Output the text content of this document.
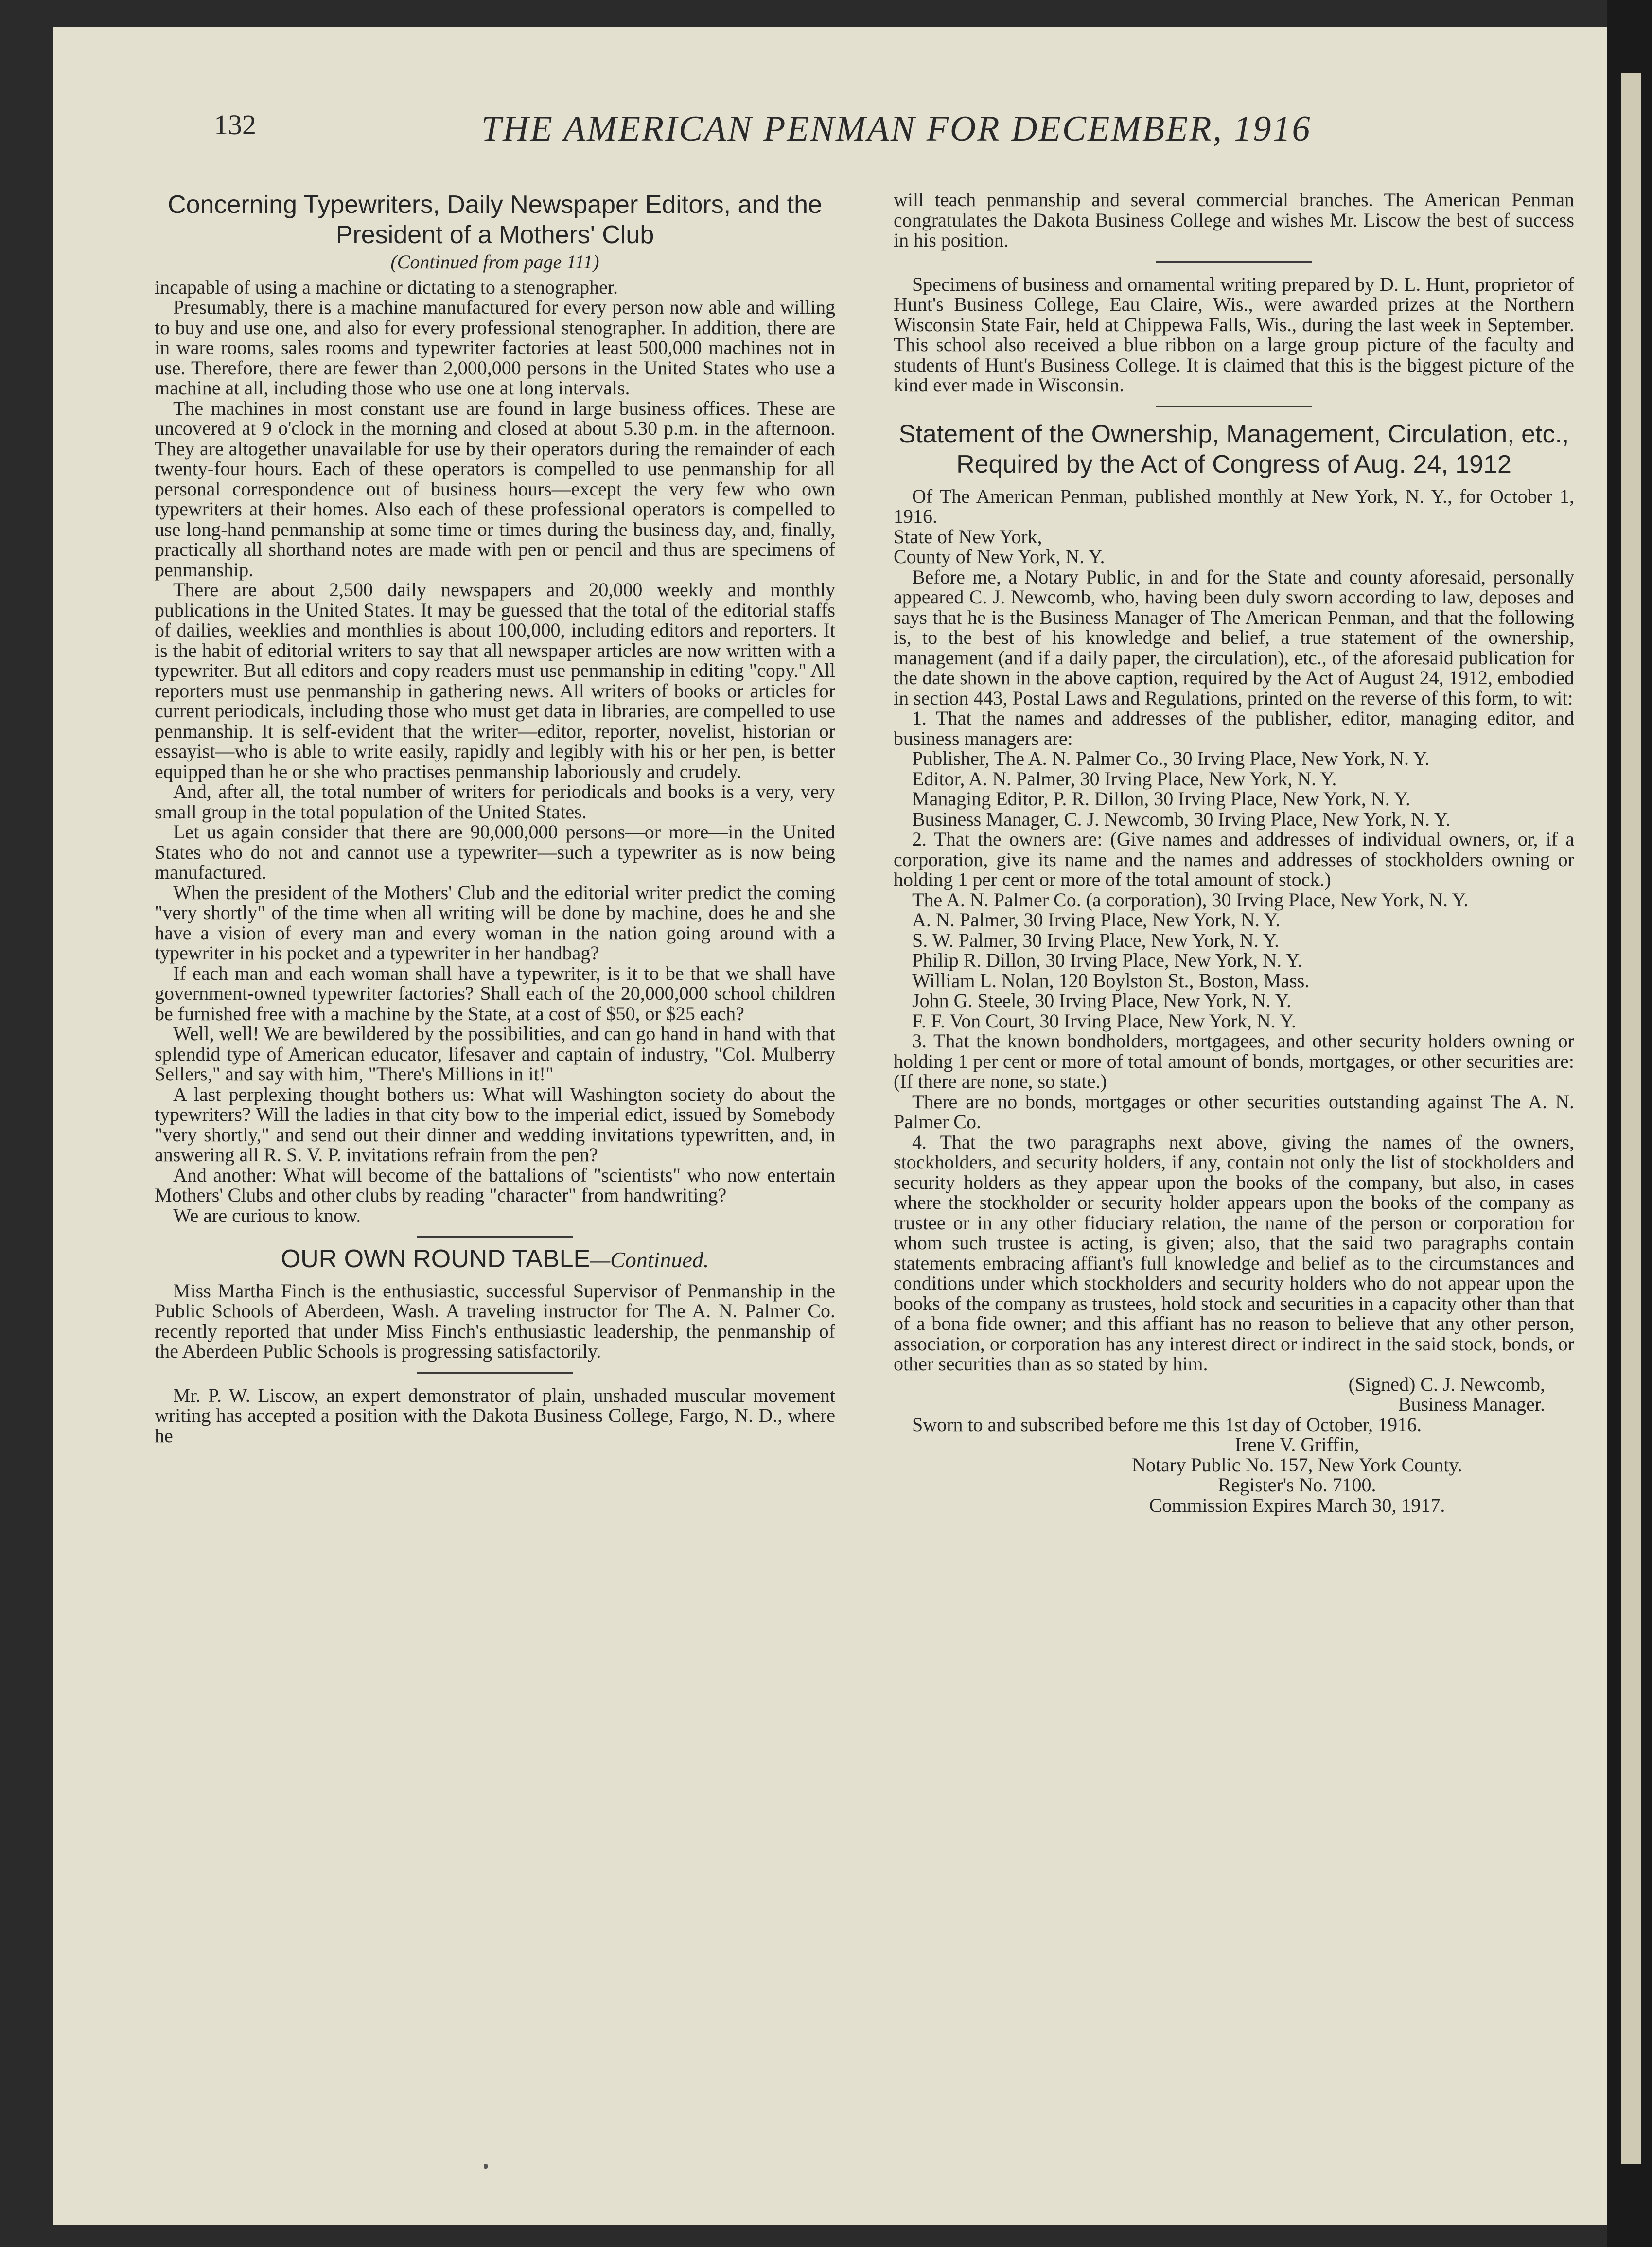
132	THE AMERICAN PENMAN FOR DECEMBER, 1916
Concerning Typewriters, Daily Newspaper Editors, and the President of a Mothers' Club
(Continued from page 111)

incapable of using a machine or dictating to a stenographer.

Presumably, there is a machine manufactured for every person now able and willing to buy and use one, and also for every professional stenographer. In addition, there are in ware rooms, sales rooms and typewriter factories at least 500,000 machines not in use. Therefore, there are fewer than 2,000,000 persons in the United States who use a machine at all, including those who use one at long intervals.

The machines in most constant use are found in large business offices. These are uncovered at 9 o'clock in the morning and closed at about 5.30 p.m. in the afternoon. They are altogether unavailable for use by their operators during the remainder of each twenty-four hours. Each of these operators is compelled to use penmanship for all personal correspondence out of business hours—except the very few who own typewriters at their homes. Also each of these professional operators is compelled to use long-hand penmanship at some time or times during the business day, and, finally, practically all shorthand notes are made with pen or pencil and thus are specimens of penmanship.

There are about 2,500 daily newspapers and 20,000 weekly and monthly publications in the United States. It may be guessed that the total of the editorial staffs of dailies, weeklies and monthlies is about 100,000, including editors and reporters. It is the habit of editorial writers to say that all newspaper articles are now written with a typewriter. But all editors and copy readers must use penmanship in editing "copy." All reporters must use penmanship in gathering news. All writers of books or articles for current periodicals, including those who must get data in libraries, are compelled to use penmanship. It is self-evident that the writer—editor, reporter, novelist, historian or essayist—who is able to write easily, rapidly and legibly with his or her pen, is better equipped than he or she who practises penmanship laboriously and crudely.

And, after all, the total number of writers for periodicals and books is a very, very small group in the total population of the United States.

Let us again consider that there are 90,000,000 persons—or more—in the United States who do not and cannot use a typewriter—such a typewriter as is now being manufactured.

When the president of the Mothers' Club and the editorial writer predict the coming "very shortly" of the time when all writing will be done by machine, does he and she have a vision of every man and every woman in the nation going around with a typewriter in his pocket and a typewriter in her handbag?

If each man and each woman shall have a typewriter, is it to be that we shall have government-owned typewriter factories? Shall each of the 20,000,000 school children be furnished free with a machine by the State, at a cost of $50, or $25 each?

Well, well! We are bewildered by the possibilities, and can go hand in hand with that splendid type of American educator, lifesaver and captain of industry, "Col. Mulberry Sellers," and say with him, "There's Millions in it!"

A last perplexing thought bothers us: What will Washington society do about the typewriters? Will the ladies in that city bow to the imperial edict, issued by Somebody "very shortly," and send out their dinner and wedding invitations typewritten, and, in answering all R. S. V. P. invitations refrain from the pen?

And another: What will become of the battalions of "scientists" who now entertain Mothers' Clubs and other clubs by reading "character" from handwriting?

We are curious to know.

OUR OWN ROUND TABLE—Continued.

Miss Martha Finch is the enthusiastic, successful Supervisor of Penmanship in the Public Schools of Aberdeen, Wash. A traveling instructor for The A. N. Palmer Co. recently reported that under Miss Finch's enthusiastic leadership, the penmanship of the Aberdeen Public Schools is progressing satisfactorily.

Mr. P. W. Liscow, an expert demonstrator of plain, unshaded muscular movement writing has accepted a position with the Dakota Business College, Fargo, N. D., where he

will teach penmanship and several commercial branches. The American Penman congratulates the Dakota Business College and wishes Mr. Liscow the best of success in his position.

Specimens of business and ornamental writing prepared by D. L. Hunt, proprietor of Hunt's Business College, Eau Claire, Wis., were awarded prizes at the Northern Wisconsin State Fair, held at Chippewa Falls, Wis., during the last week in September. This school also received a blue ribbon on a large group picture of the faculty and students of Hunt's Business College. It is claimed that this is the biggest picture of the kind ever made in Wisconsin.

Statement of the Ownership, Management, Circulation, etc., Required by the Act of Congress of Aug. 24, 1912

Of The American Penman, published monthly at New York, N. Y., for October 1, 1916.

State of New York,

County of New York, N. Y.

Before me, a Notary Public, in and for the State and county aforesaid, personally appeared C. J. Newcomb, who, having been duly sworn according to law, deposes and says that he is the Business Manager of The American Penman, and that the following is, to the best of his knowledge and belief, a true statement of the ownership, management (and if a daily paper, the circulation), etc., of the aforesaid publication for the date shown in the above caption, required by the Act of August 24, 1912, embodied in section 443, Postal Laws and Regulations, printed on the reverse of this form, to wit:

1. That the names and addresses of the publisher, editor, managing editor, and business managers are:

Publisher, The A. N. Palmer Co., 30 Irving Place, New York, N. Y.

Editor, A. N. Palmer, 30 Irving Place, New York, N. Y.

Managing Editor, P. R. Dillon, 30 Irving Place, New York, N. Y.

Business Manager, C. J. Newcomb, 30 Irving Place, New York, N. Y.

2. That the owners are: (Give names and addresses of individual owners, or, if a corporation, give its name and the names and addresses of stockholders owning or holding 1 per cent or more of the total amount of stock.)

The A. N. Palmer Co. (a corporation), 30 Irving Place, New York, N. Y.

A. N. Palmer, 30 Irving Place, New York, N. Y.

S. W. Palmer, 30 Irving Place, New York, N. Y.

Philip R. Dillon, 30 Irving Place, New York, N. Y.

William L. Nolan, 120 Boylston St., Boston, Mass.

John G. Steele, 30 Irving Place, New York, N. Y.

F. F. Von Court, 30 Irving Place, New York, N. Y.

3. That the known bondholders, mortgagees, and other security holders owning or holding 1 per cent or more of total amount of bonds, mortgages, or other securities are: (If there are none, so state.)

There are no bonds, mortgages or other securities outstanding against The A. N. Palmer Co.

4. That the two paragraphs next above, giving the names of the owners, stockholders, and security holders, if any, contain not only the list of stockholders and security holders as they appear upon the books of the company, but also, in cases where the stockholder or security holder appears upon the books of the company as trustee or in any other fiduciary relation, the name of the person or corporation for whom such trustee is acting, is given; also, that the said two paragraphs contain statements embracing affiant's full knowledge and belief as to the circumstances and conditions under which stockholders and security holders who do not appear upon the books of the company as trustees, hold stock and securities in a capacity other than that of a bona fide owner; and this affiant has no reason to believe that any other person, association, or corporation has any interest direct or indirect in the said stock, bonds, or other securities than as so stated by him.

(Signed) C. J. Newcomb,

Business Manager.

Sworn to and subscribed before me this 1st day of October, 1916.

Irene V. Griffin,

Notary Public No. 157, New York County.

Register's No. 7100.

Commission Expires March 30, 1917.
